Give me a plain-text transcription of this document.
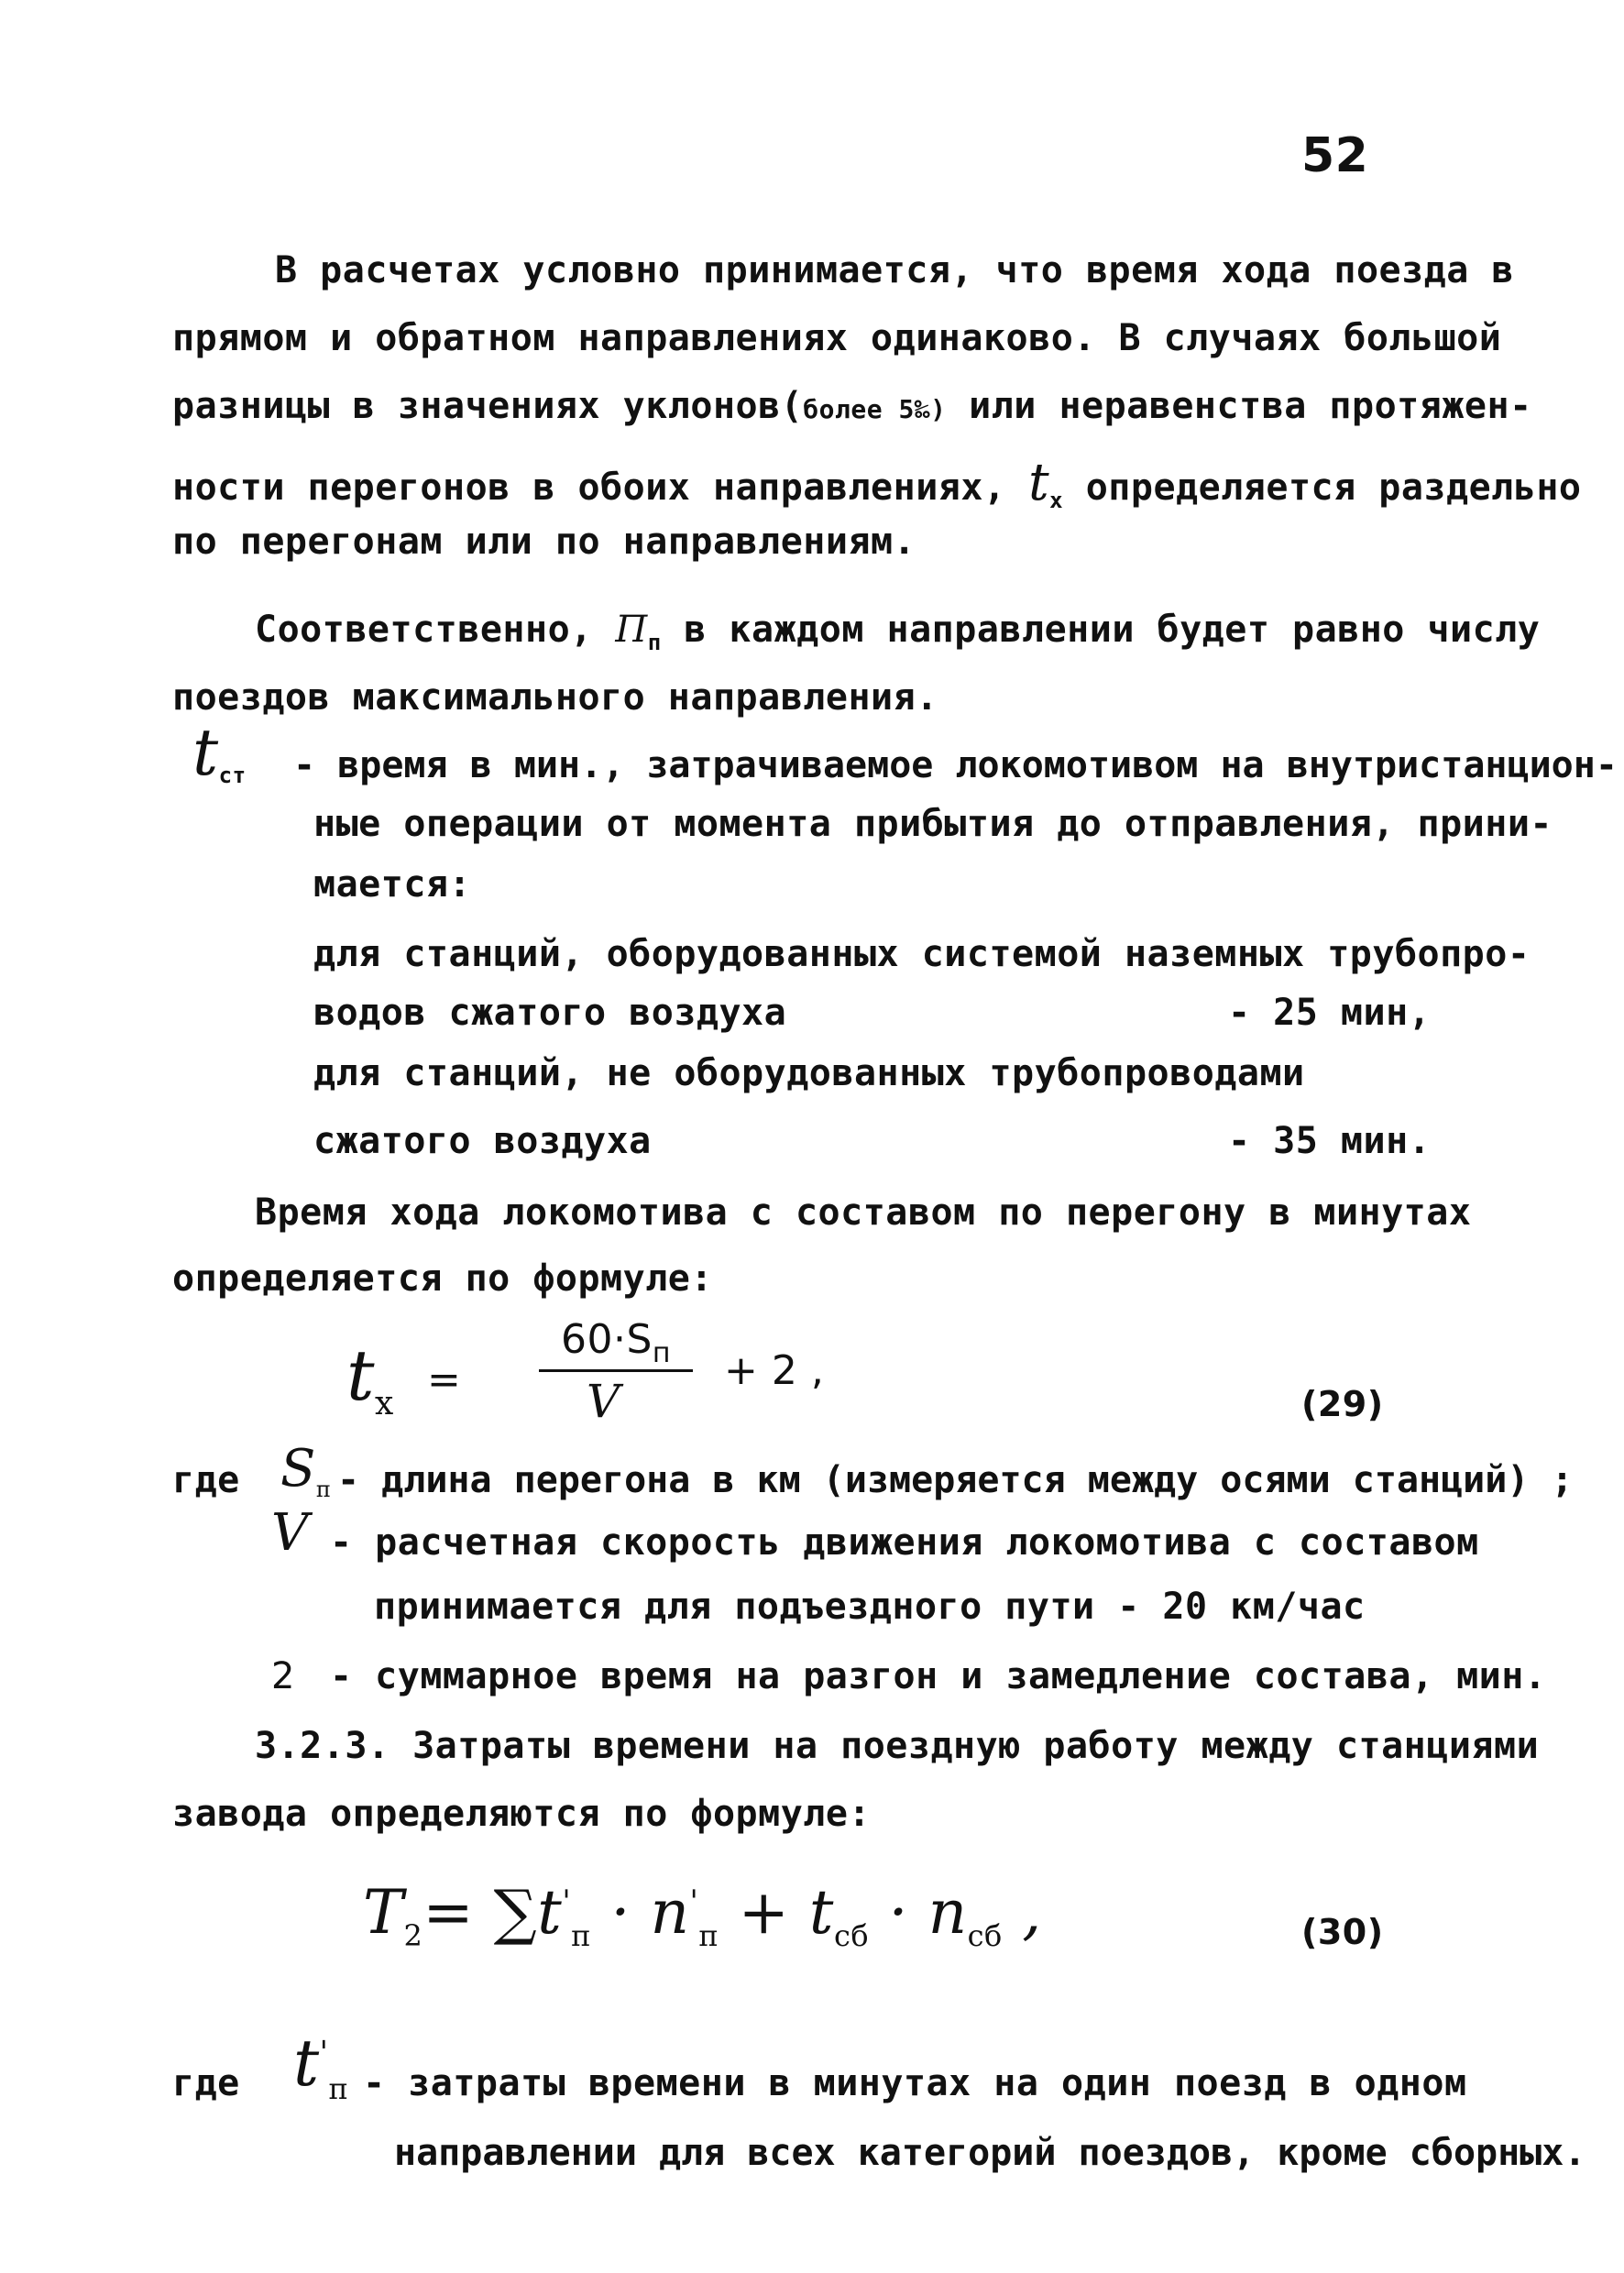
52
В расчетах условно принимается, что время хода поезда в
прямом и обратном направлениях одинаково. В случаях большой
разницы в значениях уклонов(более 5‰) или неравенства протяжен-
ности перегонов в обоих направлениях, $t_x$ определяется раздельно
по перегонам или по направлениям.
Соответственно, $П_п$ в каждом направлении будет равно числу
поездов максимального направления.
$t_{ст}$ - время в мин., затрачиваемое локомотивом на внутристанцион-
ные операции от момента прибытия до отправления, прини-
мается:
для станций, оборудованных системой наземных трубопро-
водов сжатого воздуха	- 25 мин,
для станций, не оборудованных трубопроводами
сжатого воздуха	- 35 мин.
Время хода локомотива с составом по перегону в минутах
определяется по формуле:
$t_x$
=
$60\cdot S_п$
V
+ 2 ,
(29)
где $S_п$ - длина перегона в км (измеряется между осями станций) ;
V - расчетная скорость движения локомотива с составом
принимается для подъездного пути - 20 км/час
2 - суммарное время на разгон и замедление состава, мин.
3.2.3. Затраты времени на поездную работу между станциями
завода определяются по формуле:
$T_2= \sum t'_п \cdot n'_п + t_{сб} \cdot n_{сб}$ ,	(30)
где $t'_п$ - затраты времени в минутах на один поезд в одном
направлении для всех категорий поездов, кроме сборных.
